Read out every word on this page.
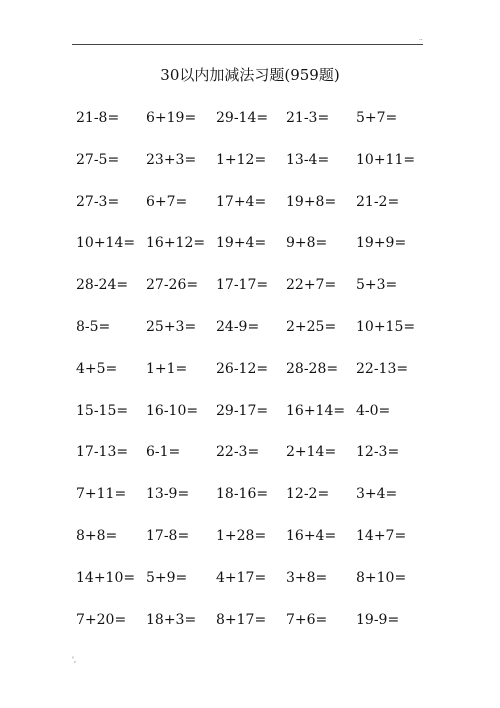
..
30以内加减法习题(959题)
21-8=	6+19=	29-14=	21-3=	5+7=
27-5=	23+3=	1+12=	13-4=	10+11=
27-3=	6+7=	17+4=	19+8=	21-2=
10+14= 16+12= 19+4=	9+8=	19+9=
28-24=	27-26=	17-17=	22+7=	5+3=
8-5=	25+3=	24-9=	2+25=	10+15=
4+5=	1+1=	26-12=	28-28=	22-13=
15-15=	16-10=	29-17=	16+14= 4-0=
17-13=	6-1=	22-3=	2+14=	12-3=
7+11=	13-9=	18-16=	12-2=	3+4=
8+8=	17-8=	1+28=	16+4=	14+7=
14+10= 5+9=	4+17=	3+8=	8+10=
7+20=	18+3=	8+17=	7+6=	19-9=
',
